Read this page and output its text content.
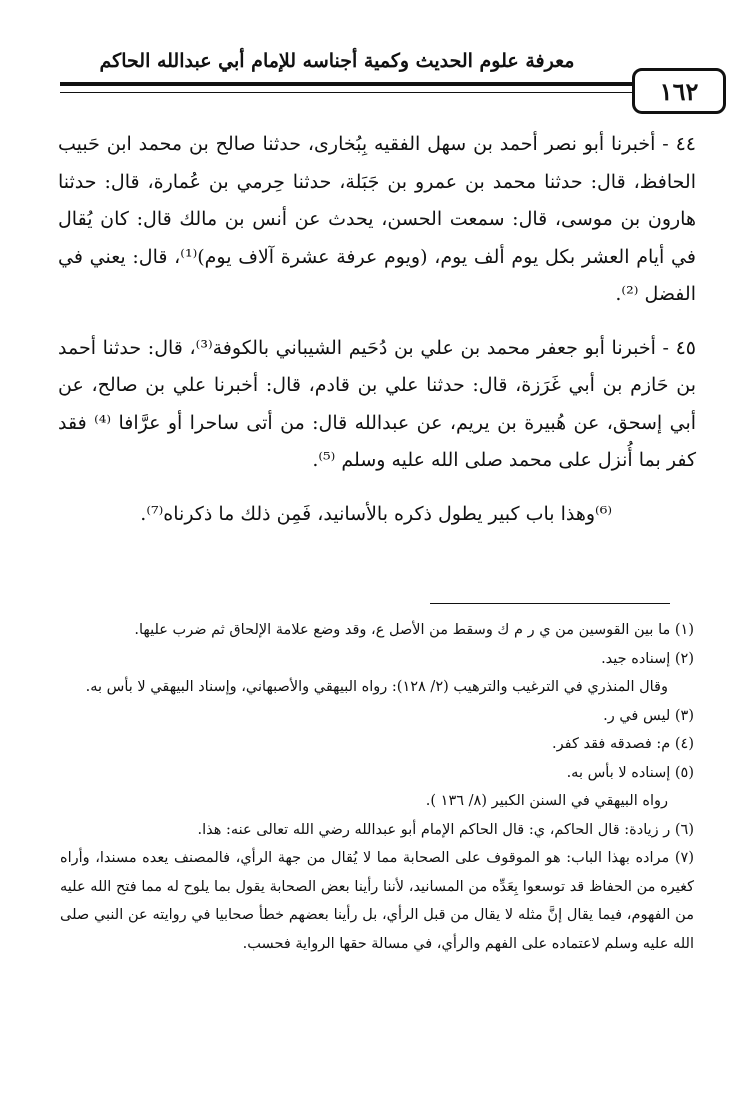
معرفة علوم الحديث وكمية أجناسه للإمام أبي عبدالله الحاكم
١٦٢

٤٤ - أخبرنا أبو نصر أحمد بن سهل الفقيه بِبُخارى، حدثنا صالح بن محمد ابن حَبيب الحافظ، قال: حدثنا محمد بن عمرو بن جَبَلة، حدثنا حِرمي بن عُمارة، قال: حدثنا هارون بن موسى، قال: سمعت الحسن، يحدث عن أنس بن مالك قال: كان يُقال في أيام العشر بكل يوم ألف يوم، (ويوم عرفة عشرة آلاف يوم)⁽¹⁾، قال: يعني في الفضل ⁽²⁾.

٤٥ - أخبرنا أبو جعفر محمد بن علي بن دُحَيم الشيباني بالكوفة⁽³⁾، قال: حدثنا أحمد بن حَازم بن أبي غَرَزة، قال: حدثنا علي بن قادم، قال: أخبرنا علي بن صالح، عن أبي إسحق، عن هُبيرة بن يريم، عن عبدالله قال: من أتى ساحرا أو عرَّافا ⁽⁴⁾ فقد كفر بما أُنزل على محمد صلى الله عليه وسلم ⁽⁵⁾.

⁽⁶⁾وهذا باب كبير يطول ذكره بالأسانيد، فَمِن ذلك ما ذكرناه⁽⁷⁾.

(١) ما بين القوسين من ي ر م ك وسقط من الأصل ع، وقد وضع علامة الإلحاق ثم ضرب عليها.

(٢) إسناده جيد.

وقال المنذري في الترغيب والترهيب (٢/ ١٢٨): رواه البيهقي والأصبهاني، وإسناد البيهقي لا بأس به.

(٣) ليس في ر.

(٤) م: فصدقه فقد كفر.

(٥) إسناده لا بأس به.

رواه البيهقي في السنن الكبير (٨/ ١٣٦ ).

(٦) ر زيادة: قال الحاكم، ي: قال الحاكم الإمام أبو عبدالله رضي الله تعالى عنه: هذا.

(٧) مراده بهذا الباب: هو الموقوف على الصحابة مما لا يُقال من جهة الرأي، فالمصنف يعده مسندا، وأراه كغيره من الحفاظ قد توسعوا بِعَدِّه من المسانيد، لأننا رأينا بعض الصحابة يقول بما يلوح له مما فتح الله عليه من الفهوم، فيما يقال إنَّ مثله لا يقال من قبل الرأي، بل رأينا بعضهم خطأ صحابيا في روايته عن النبي صلى الله عليه وسلم لاعتماده على الفهم والرأي، في مسالة حقها الرواية فحسب.
